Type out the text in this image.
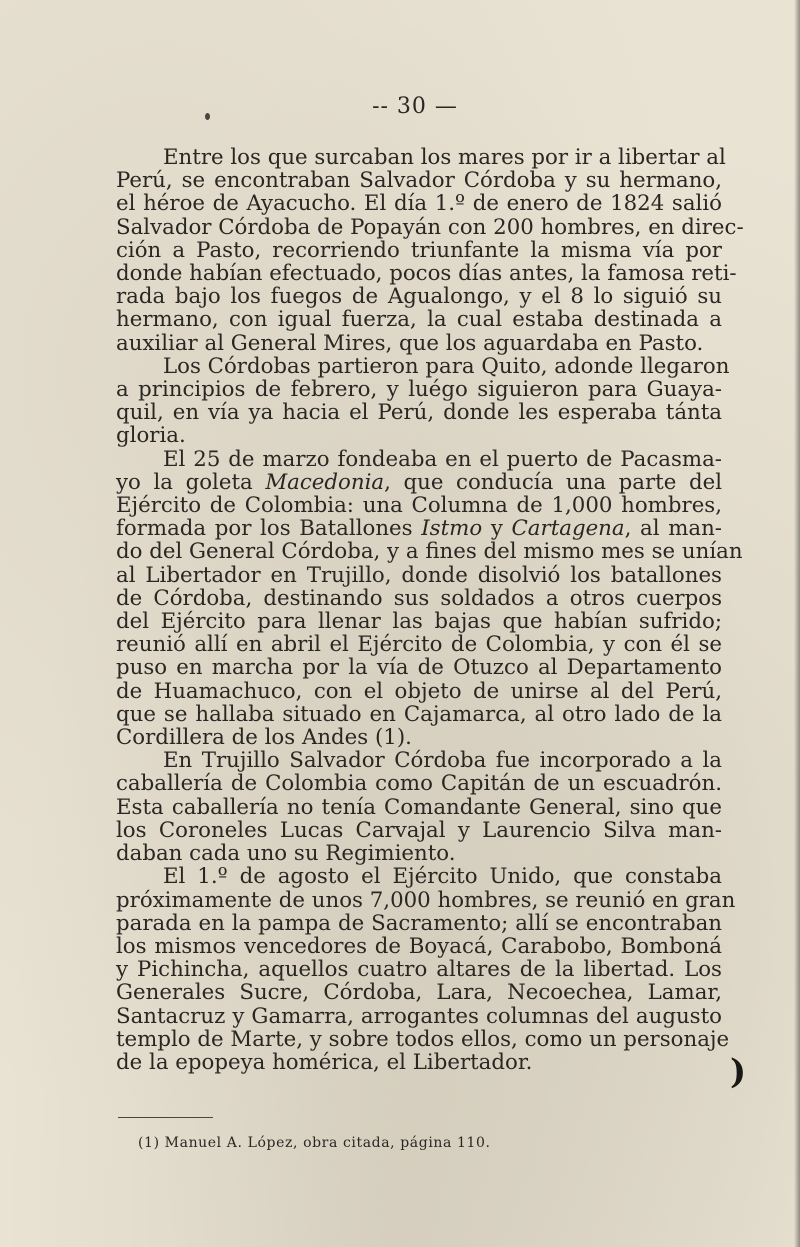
-- 30 —

Entre los que surcaban los mares por ir a libertar al
Perú, se encontraban Salvador Córdoba y su hermano,
el héroe de Ayacucho. El día 1.º de enero de 1824 salió
Salvador Córdoba de Popayán con 200 hombres, en direc-
ción a Pasto, recorriendo triunfante la misma vía por
donde habían efectuado, pocos días antes, la famosa reti-
rada bajo los fuegos de Agualongo, y el 8 lo siguió su
hermano, con igual fuerza, la cual estaba destinada a
auxiliar al General Mires, que los aguardaba en Pasto.

Los Córdobas partieron para Quito, adonde llegaron
a principios de febrero, y luégo siguieron para Guaya-
quil, en vía ya hacia el Perú, donde les esperaba tánta
gloria.

El 25 de marzo fondeaba en el puerto de Pacasma-
yo la goleta Macedonia, que conducía una parte del
Ejército de Colombia: una Columna de 1,000 hombres,
formada por los Batallones Istmo y Cartagena, al man-
do del General Córdoba, y a fines del mismo mes se unían
al Libertador en Trujillo, donde disolvió los batallones
de Córdoba, destinando sus soldados a otros cuerpos
del Ejército para llenar las bajas que habían sufrido;
reunió allí en abril el Ejército de Colombia, y con él se
puso en marcha por la vía de Otuzco al Departamento
de Huamachuco, con el objeto de unirse al del Perú,
que se hallaba situado en Cajamarca, al otro lado de la
Cordillera de los Andes (1).

En Trujillo Salvador Córdoba fue incorporado a la
caballería de Colombia como Capitán de un escuadrón.
Esta caballería no tenía Comandante General, sino que
los Coroneles Lucas Carvajal y Laurencio Silva man-
daban cada uno su Regimiento.

El 1.º de agosto el Ejército Unido, que constaba
próximamente de unos 7,000 hombres, se reunió en gran
parada en la pampa de Sacramento; allí se encontraban
los mismos vencedores de Boyacá, Carabobo, Bomboná
y Pichincha, aquellos cuatro altares de la libertad. Los
Generales Sucre, Córdoba, Lara, Necoechea, Lamar,
Santacruz y Gamarra, arrogantes columnas del augusto
templo de Marte, y sobre todos ellos, como un personaje
de la epopeya homérica, el Libertador.	)
(1) Manuel A. López, obra citada, página 110.
